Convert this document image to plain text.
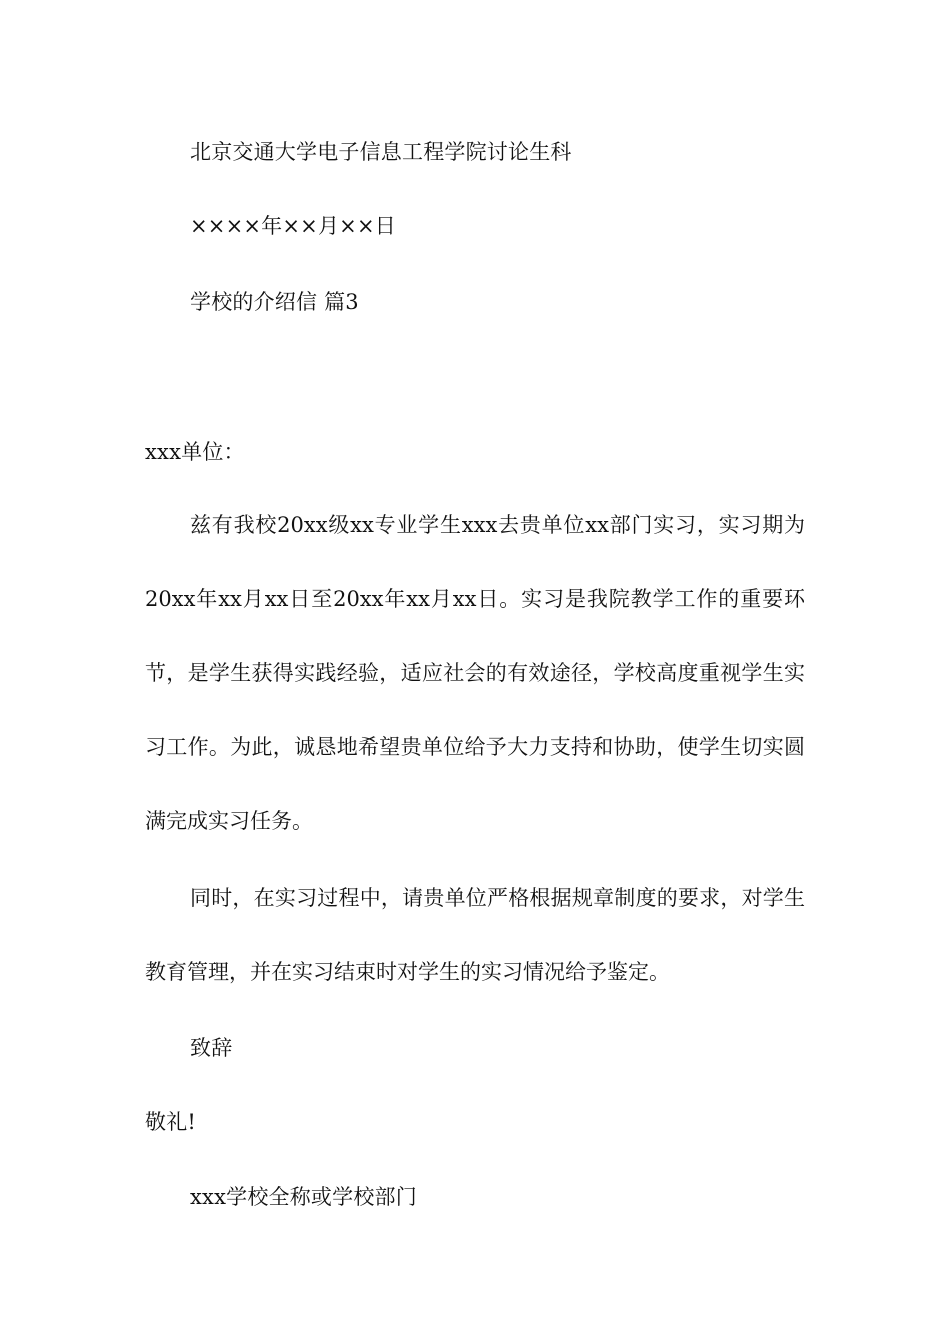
北京交通大学电子信息工程学院讨论生科
××××年××月××日
学校的介绍信 篇3
xxx单位：
兹有我校20xx级xx专业学生xxx去贵单位xx部门实习，实习期为20xx年xx月xx日至20xx年xx月xx日。实习是我院教学工作的重要环节，是学生获得实践经验，适应社会的有效途径，学校高度重视学生实习工作。为此，诚恳地希望贵单位给予大力支持和协助，使学生切实圆满完成实习任务。
同时，在实习过程中，请贵单位严格根据规章制度的要求，对学生教育管理，并在实习结束时对学生的实习情况给予鉴定。
致辞
敬礼!
xxx学校全称或学校部门
